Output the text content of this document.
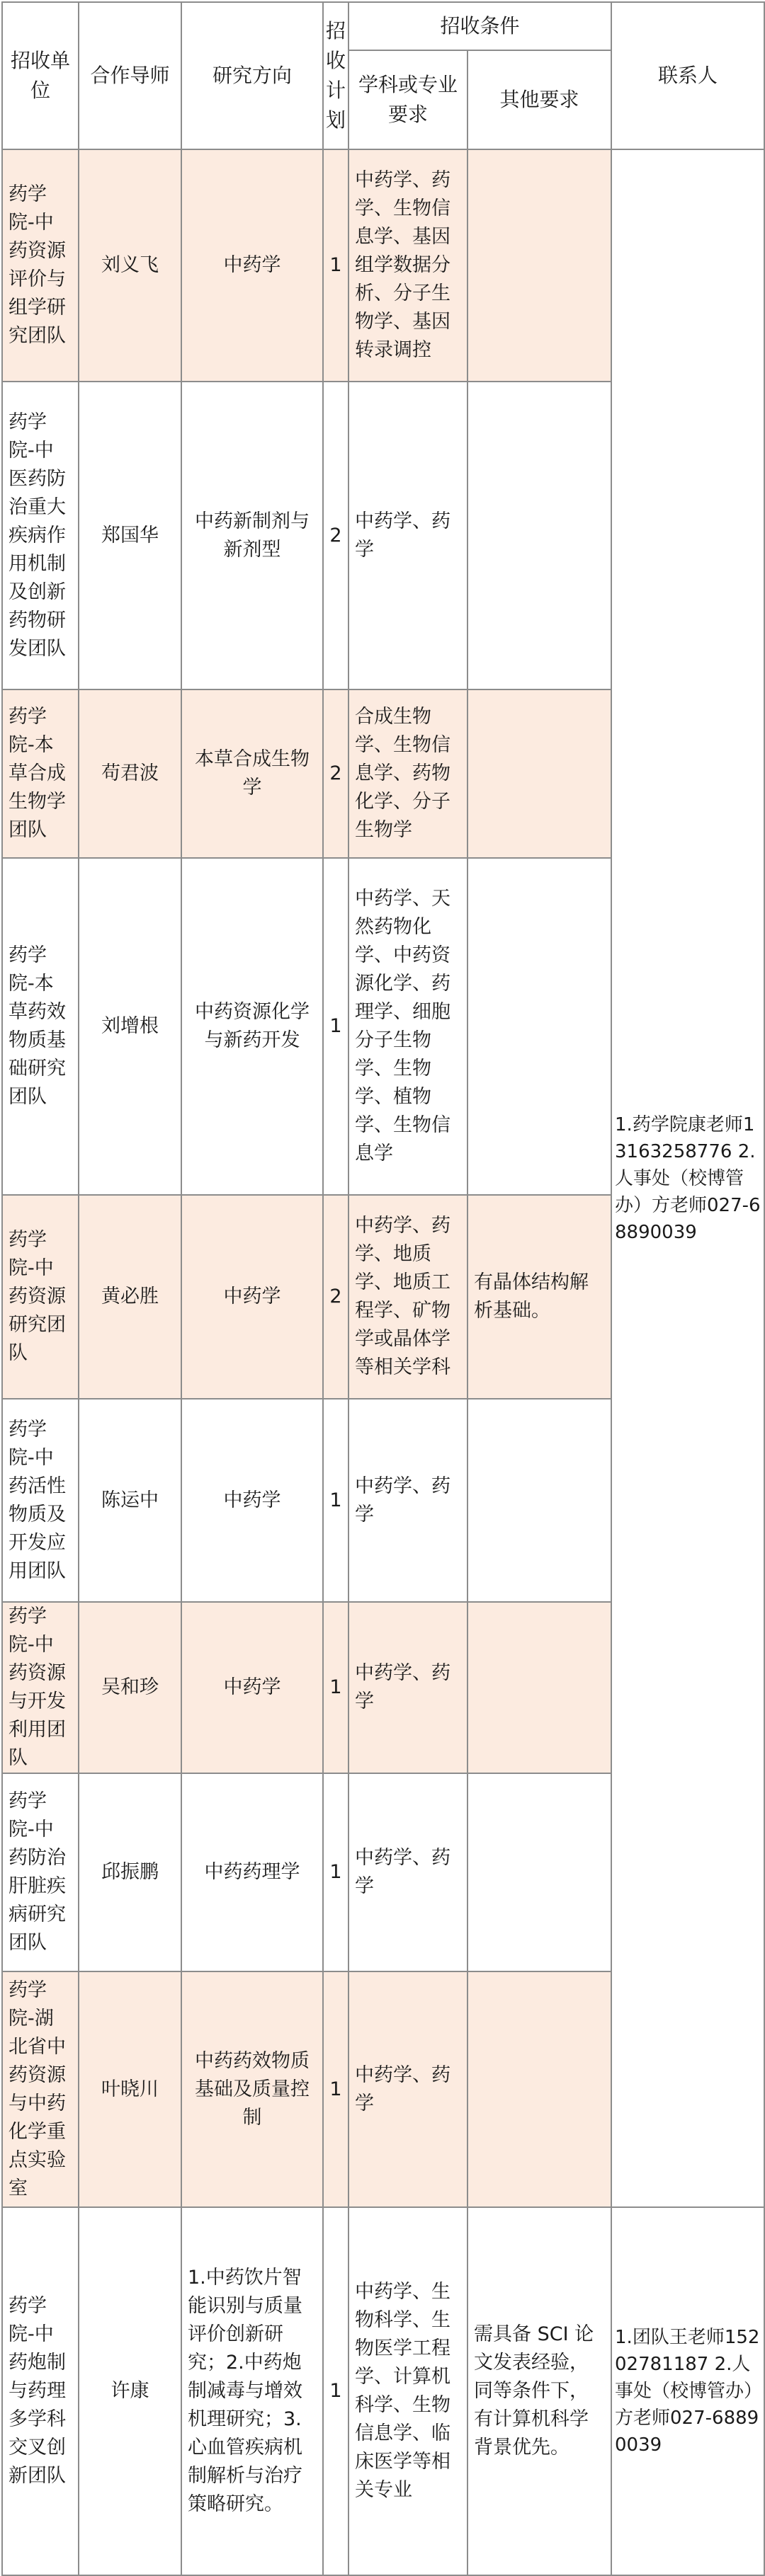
招收单位	合作导师	研究方向	招收计划	招收条件		联系人
				学科或专业要求	其他要求	
药学院-中药资源评价与组学研究团队	刘义飞	中药学	1	中药学、药学、生物信息学、基因组学数据分析、分子生物学、基因转录调控		1.药学院康老师13163258776 2.人事处（校博管办）方老师027-68890039
药学院-中医药防治重大疾病作用机制及创新药物研发团队	郑国华	中药新制剂与新剂型	2	中药学、药学		
药学院-本草合成生物学团队	苟君波	本草合成生物学	2	合成生物学、生物信息学、药物化学、分子生物学		
药学院-本草药效物质基础研究团队	刘增根	中药资源化学与新药开发	1	中药学、天然药物化学、中药资源化学、药理学、细胞分子生物学、生物学、植物学、生物信息学		
药学院-中药资源研究团队	黄必胜	中药学	2	中药学、药学、地质学、地质工程学、矿物学或晶体学等相关学科	有晶体结构解析基础。	
药学院-中药活性物质及开发应用团队	陈运中	中药学	1	中药学、药学		
药学院-中药资源与开发利用团队	吴和珍	中药学	1	中药学、药学		
药学院-中药防治肝脏疾病研究团队	邱振鹏	中药药理学	1	中药学、药学		
药学院-湖北省中药资源与中药化学重点实验室	叶晓川	中药药效物质基础及质量控制	1	中药学、药学		
药学院-中药炮制与药理多学科交叉创新团队	许康	1.中药饮片智能识别与质量评价创新研究；2.中药炮制减毒与增效机理研究；3.心血管疾病机制解析与治疗策略研究。	1	中药学、生物科学、生物医学工程学、计算机科学、生物信息学、临床医学等相关专业	需具备 SCI 论文发表经验，同等条件下，有计算机科学背景优先。	1.团队王老师15202781187 2.人事处（校博管办）方老师027-68890039
